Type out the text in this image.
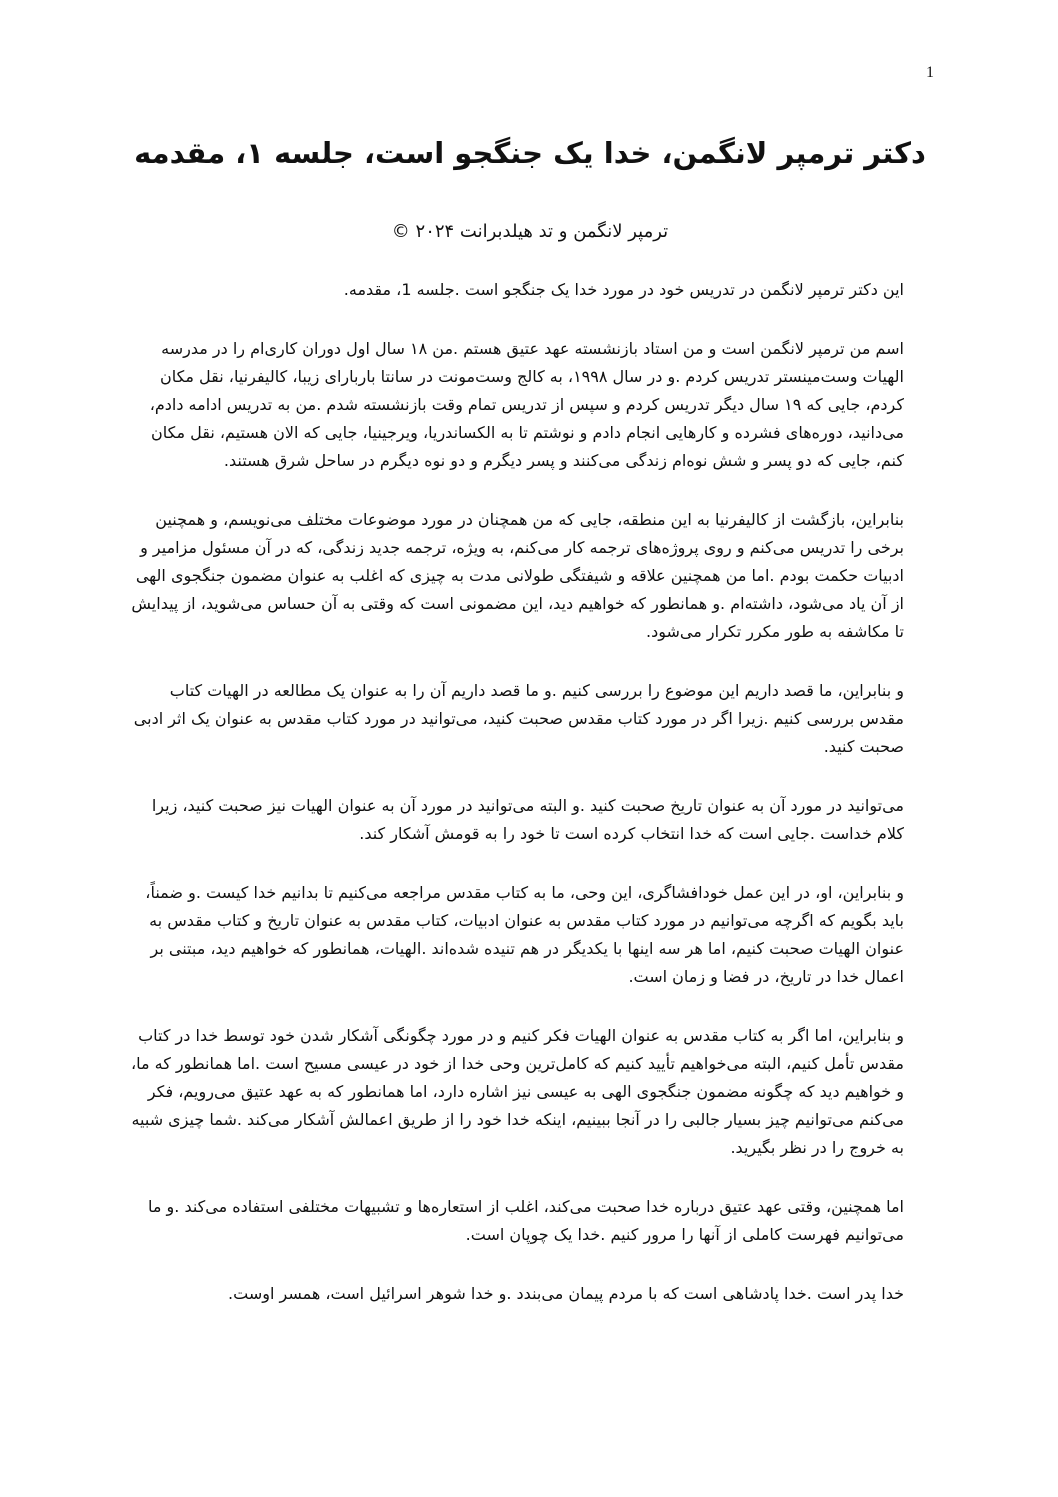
1
دکتر ترمپر لانگمن، خدا یک جنگجو است، جلسه ۱، مقدمه
ترمپر لانگمن و تد هیلدبرانت ۲۰۲۴ ©

این دکتر ترمپر لانگمن در تدریس خود در مورد خدا یک جنگجو است .جلسه 1، مقدمه.

اسم من ترمپر لانگمن است و من استاد بازنشسته عهد عتیق هستم .من ۱۸ سال اول دوران کاری‌ام را در مدرسه الهیات وست‌مینستر تدریس کردم .و در سال ۱۹۹۸، به کالج وست‌مونت در سانتا باربارای زیبا، کالیفرنیا، نقل مکان کردم، جایی که ۱۹ سال دیگر تدریس کردم و سپس از تدریس تمام وقت بازنشسته شدم .من به تدریس ادامه دادم، می‌دانید، دوره‌های فشرده و کارهایی انجام دادم و نوشتم تا به الکساندریا، ویرجینیا، جایی که الان هستیم، نقل مکان کنم، جایی که دو پسر و شش نوه‌ام زندگی می‌کنند و پسر دیگرم و دو نوه دیگرم در ساحل شرق هستند.

بنابراین، بازگشت از کالیفرنیا به این منطقه، جایی که من همچنان در مورد موضوعات مختلف می‌نویسم، و همچنین برخی را تدریس می‌کنم و روی پروژه‌های ترجمه کار می‌کنم، به ویژه، ترجمه جدید زندگی، که در آن مسئول مزامیر و ادبیات حکمت بودم .اما من همچنین علاقه و شیفتگی طولانی مدت به چیزی که اغلب به عنوان مضمون جنگجوی الهی از آن یاد می‌شود، داشته‌ام .و همانطور که خواهیم دید، این مضمونی است که وقتی به آن حساس می‌شوید، از پیدایش تا مکاشفه به طور مکرر تکرار می‌شود.

و بنابراین، ما قصد داریم این موضوع را بررسی کنیم .و ما قصد داریم آن را به عنوان یک مطالعه در الهیات کتاب مقدس بررسی کنیم .زیرا اگر در مورد کتاب مقدس صحبت کنید، می‌توانید در مورد کتاب مقدس به عنوان یک اثر ادبی صحبت کنید.

می‌توانید در مورد آن به عنوان تاریخ صحبت کنید .و البته می‌توانید در مورد آن به عنوان الهیات نیز صحبت کنید، زیرا کلام خداست .جایی است که خدا انتخاب کرده است تا خود را به قومش آشکار کند.

و بنابراین، او، در این عمل خودافشاگری، این وحی، ما به کتاب مقدس مراجعه می‌کنیم تا بدانیم خدا کیست .و ضمناً، باید بگویم که اگرچه می‌توانیم در مورد کتاب مقدس به عنوان ادبیات، کتاب مقدس به عنوان تاریخ و کتاب مقدس به عنوان الهیات صحبت کنیم، اما هر سه اینها با یکدیگر در هم تنیده شده‌اند .الهیات، همانطور که خواهیم دید، مبتنی بر اعمال خدا در تاریخ، در فضا و زمان است.

و بنابراین، اما اگر به کتاب مقدس به عنوان الهیات فکر کنیم و در مورد چگونگی آشکار شدن خود توسط خدا در کتاب مقدس تأمل کنیم، البته می‌خواهیم تأیید کنیم که کامل‌ترین وحی خدا از خود در عیسی مسیح است .اما همانطور که ما، و خواهیم دید که چگونه مضمون جنگجوی الهی به عیسی نیز اشاره دارد، اما همانطور که به عهد عتیق می‌رویم، فکر می‌کنم می‌توانیم چیز بسیار جالبی را در آنجا ببینیم، اینکه خدا خود را از طریق اعمالش آشکار می‌کند .شما چیزی شبیه به خروج را در نظر بگیرید.

اما همچنین، وقتی عهد عتیق درباره خدا صحبت می‌کند، اغلب از استعاره‌ها و تشبیهات مختلفی استفاده می‌کند .و ما می‌توانیم فهرست کاملی از آنها را مرور کنیم .خدا یک چوپان است.

خدا پدر است .خدا پادشاهی است که با مردم پیمان می‌بندد .و خدا شوهر اسرائیل است، همسر اوست.
